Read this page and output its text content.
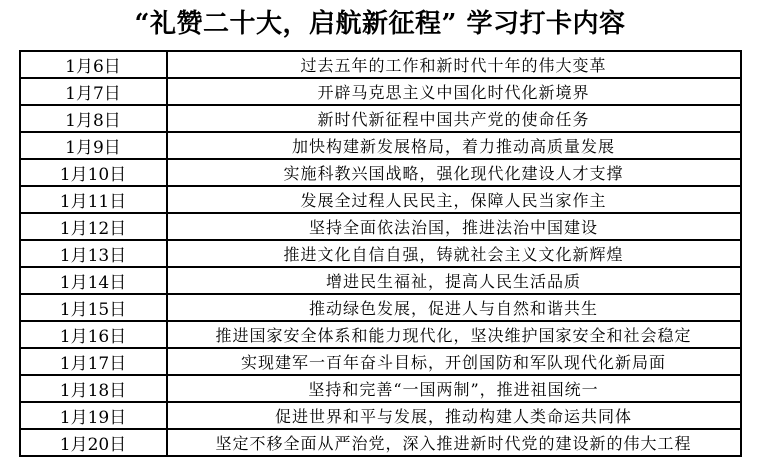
“礼赞二十大，启航新征程” 学习打卡内容
1月6日	过去五年的工作和新时代十年的伟大变革
1月7日	开辟马克思主义中国化时代化新境界
1月8日	新时代新征程中国共产党的使命任务
1月9日	加快构建新发展格局，着力推动高质量发展
1月10日	实施科教兴国战略，强化现代化建设人才支撑
1月11日	发展全过程人民民主，保障人民当家作主
1月12日	坚持全面依法治国，推进法治中国建设
1月13日	推进文化自信自强，铸就社会主义文化新辉煌
1月14日	增进民生福祉，提高人民生活品质
1月15日	推动绿色发展，促进人与自然和谐共生
1月16日	推进国家安全体系和能力现代化，坚决维护国家安全和社会稳定
1月17日	实现建军一百年奋斗目标，开创国防和军队现代化新局面
1月18日	坚持和完善“一国两制”，推进祖国统一
1月19日	促进世界和平与发展，推动构建人类命运共同体
1月20日	坚定不移全面从严治党，深入推进新时代党的建设新的伟大工程
